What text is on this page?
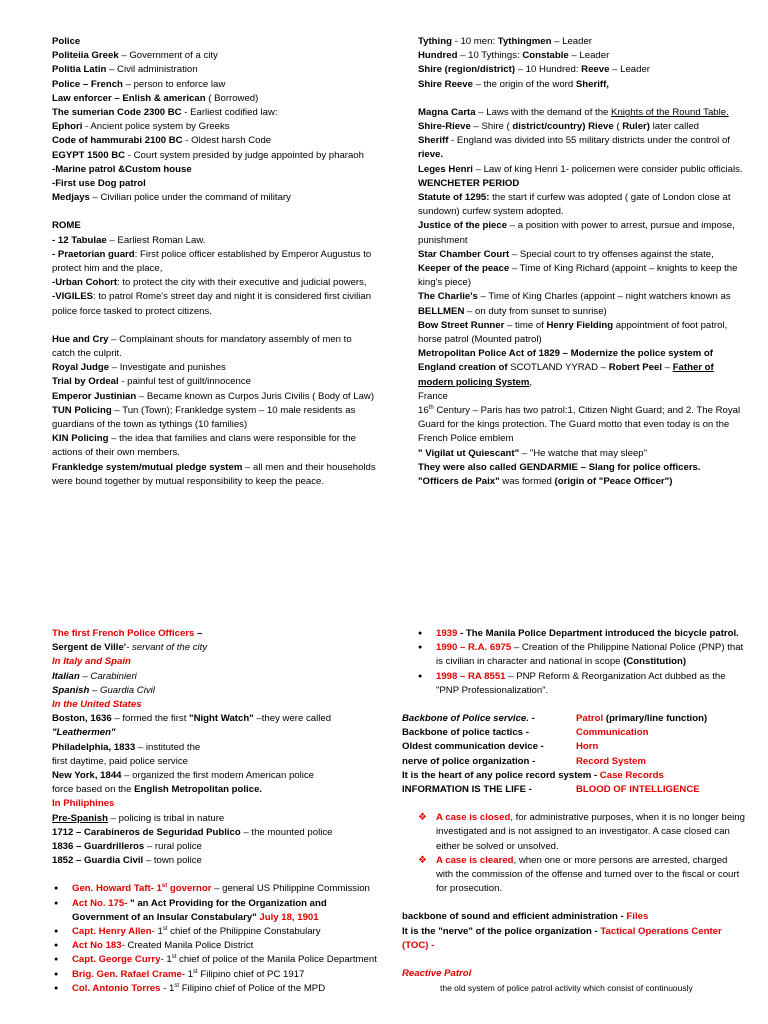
Police

Politeiia Greek – Government of a city

Politia Latin – Civil administration

Police – French – person to enforce law

Law enforcer – Enlish & american ( Borrowed)

The sumerian Code 2300 BC - Earliest codified law:

Ephori - Ancient police system by Greeks

Code of hammurabi 2100 BC - Oldest harsh Code

EGYPT 1500 BC - Court system presided by judge appointed by pharaoh

-Marine patrol &Custom house

-First use Dog patrol

Medjays – Civilian police under the command of military

ROME

- 12 Tabulae – Earliest Roman Law.

- Praetorian guard: First police officer established by Emperor Augustus to protect him and the place,

-Urban Cohort: to protect the city with their executive and judicial powers,

-VIGILES: to patrol Rome's street day and night it is considered first civilian police force tasked to protect citizens.

Hue and Cry – Complainant shouts for mandatory assembly of men to catch the culprit.

Royal Judge – Investigate and punishes

Trial by Ordeal - painful test of guilt/innocence

Emperor Justinian – Became known as Curpos Juris Civilis ( Body of Law)

TUN Policing – Tun (Town); Frankledge system – 10 male residents as guardians of the town as tythings (10 families)

KIN Policing – the idea that families and clans were responsible for the actions of their own members.

Frankledge system/mutual pledge system – all men and their households were bound together by mutual responsibility to keep the peace.

Tything - 10 men: Tythingmen – Leader

Hundred – 10 Tythings: Constable – Leader

Shire (region/district) – 10 Hundred: Reeve – Leader

Shire Reeve – the origin of the word Sheriff,

Magna Carta – Laws with the demand of the Knights of the Round Table.

Shire-Rieve – Shire ( district/country) Rieve ( Ruler) later called

Sheriff - England was divided into 55 military districts under the control of rieve.

Leges Henri – Law of king Henri 1- policemen were consider public officials.

WENCHETER PERIOD

Statute of 1295: the start if curfew was adopted ( gate of London close at sundown) curfew system adopted.

Justice of the piece – a position with power to arrest, pursue and impose, punishment

Star Chamber Court – Special court to try offenses against the state,

Keeper of the peace – Time of King Richard (appoint – knights to keep the king's piece)

The Charlie's – Time of King Charles (appoint – night watchers known as BELLMEN – on duty from sunset to sunrise)

Bow Street Runner – time of Henry Fielding appointment of foot patrol, horse patrol (Mounted patrol)

Metropolitan Police Act of 1829 – Modernize the police system of England creation of SCOTLAND YYRAD – Robert Peel – Father of modern policing System,

France

16th Century – Paris has two patrol:1, Citizen Night Guard; and 2. The Royal Guard for the kings protection. The Guard motto that even today is on the French Police emblem

" Vigilat ut Quiescant" – "He watche that may sleep"

They were also called GENDARMIE – Slang for police officers.

"Officers de Paix" was formed (origin of "Peace Officer")

The first French Police Officers –

Sergent de Ville'- servant of the city

In Italy and Spain

Italian – Carabinieri

Spanish – Guardia Civil

In the United States

Boston, 1636 – formed the first "Night Watch" –they were called

"Leathermen"

Philadelphia, 1833 – instituted the

first daytime, paid police service

New York, 1844 – organized the first modern American police

force based on the English Metropolitan police.

In Philiphines

Pre-Spanish – policing is tribal in nature

1712 – Carabineros de Seguridad Publico – the mounted police

1836 – Guardrilleros – rural police

1852 – Guardia Civil – town police

● Gen. Howard Taft- 1st governor – general US Philippine Commission
● Act No. 175- " an Act Providing for the Organization and Government of an Insular Constabulary" July 18, 1901
● Capt. Henry Allen- 1st chief of the Philippine Constabulary
● Act No 183- Created Manila Police District
● Capt. George Curry- 1st chief of police of the Manila Police Department
● Brig. Gen. Rafael Crame- 1st Filipino chief of PC 1917
● Col. Antonio Torres - 1st Filipino chief of Police of the MPD
● 1939 - The Manila Police Department introduced the bicycle patrol.
● 1990 – R.A. 6975 – Creation of the Philippine National Police (PNP) that is civilian in character and national in scope (Constitution)
● 1998 – RA 8551 – PNP Reform & Reorganization Act dubbed as the "PNP Professionalization".
Backbone of Police service. -	Patrol (primary/line function)
Backbone of police tactics -	Communication
Oldest communication device -	Horn
nerve of police organization -	Record System

It is the heart of any police record system - Case Records

INFORMATION IS THE LIFE -	BLOOD OF INTELLIGENCE

❖ A case is closed, for administrative purposes, when it is no longer being investigated and is not assigned to an investigator. A case closed can either be solved or unsolved.
❖ A case is cleared, when one or more persons are arrested, charged with the commission of the offense and turned over to the fiscal or court for prosecution.

backbone of sound and efficient administration - Files

It is the "nerve" of the police organization - Tactical Operations Center (TOC) -

Reactive Patrol

the old system of police patrol activity which consist of continuously
